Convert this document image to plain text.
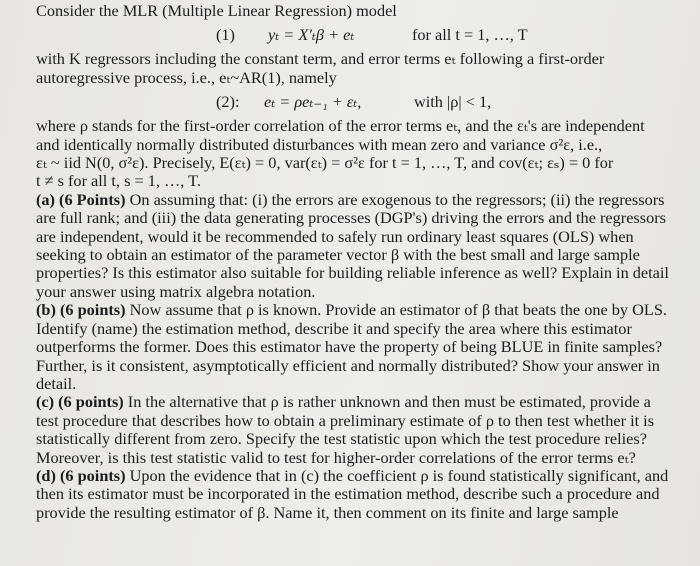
Consider the MLR (Multiple Linear Regression) model
(1) yₜ = X′ₜβ + eₜ	for all t = 1, …, T
with K regressors including the constant term, and error terms eₜ following a first-order
autoregressive process, i.e., eₜ~AR(1), namely
(2): eₜ = ρeₜ₋₁ + εₜ,	with |ρ| < 1,
where ρ stands for the first-order correlation of the error terms eₜ, and the εₜ's are independent
and identically normally distributed disturbances with mean zero and variance σ²ε, i.e.,
εₜ ~ iid N(0, σ²ε). Precisely, E(εₜ) = 0, var(εₜ) = σ²ε for t = 1, …, T, and cov(εₜ; εₛ) = 0 for
t ≠ s for all t, s = 1, …, T.
(a) (6 Points) On assuming that: (i) the errors are exogenous to the regressors; (ii) the regressors
are full rank; and (iii) the data generating processes (DGP's) driving the errors and the regressors
are independent, would it be recommended to safely run ordinary least squares (OLS) when
seeking to obtain an estimator of the parameter vector β with the best small and large sample
properties? Is this estimator also suitable for building reliable inference as well? Explain in detail
your answer using matrix algebra notation.
(b) (6 points) Now assume that ρ is known. Provide an estimator of β that beats the one by OLS.
Identify (name) the estimation method, describe it and specify the area where this estimator
outperforms the former. Does this estimator have the property of being BLUE in finite samples?
Further, is it consistent, asymptotically efficient and normally distributed? Show your answer in
detail.
(c) (6 points) In the alternative that ρ is rather unknown and then must be estimated, provide a
test procedure that describes how to obtain a preliminary estimate of ρ to then test whether it is
statistically different from zero. Specify the test statistic upon which the test procedure relies?
Moreover, is this test statistic valid to test for higher-order correlations of the error terms eₜ?
(d) (6 points) Upon the evidence that in (c) the coefficient ρ is found statistically significant, and
then its estimator must be incorporated in the estimation method, describe such a procedure and
provide the resulting estimator of β. Name it, then comment on its finite and large sample
